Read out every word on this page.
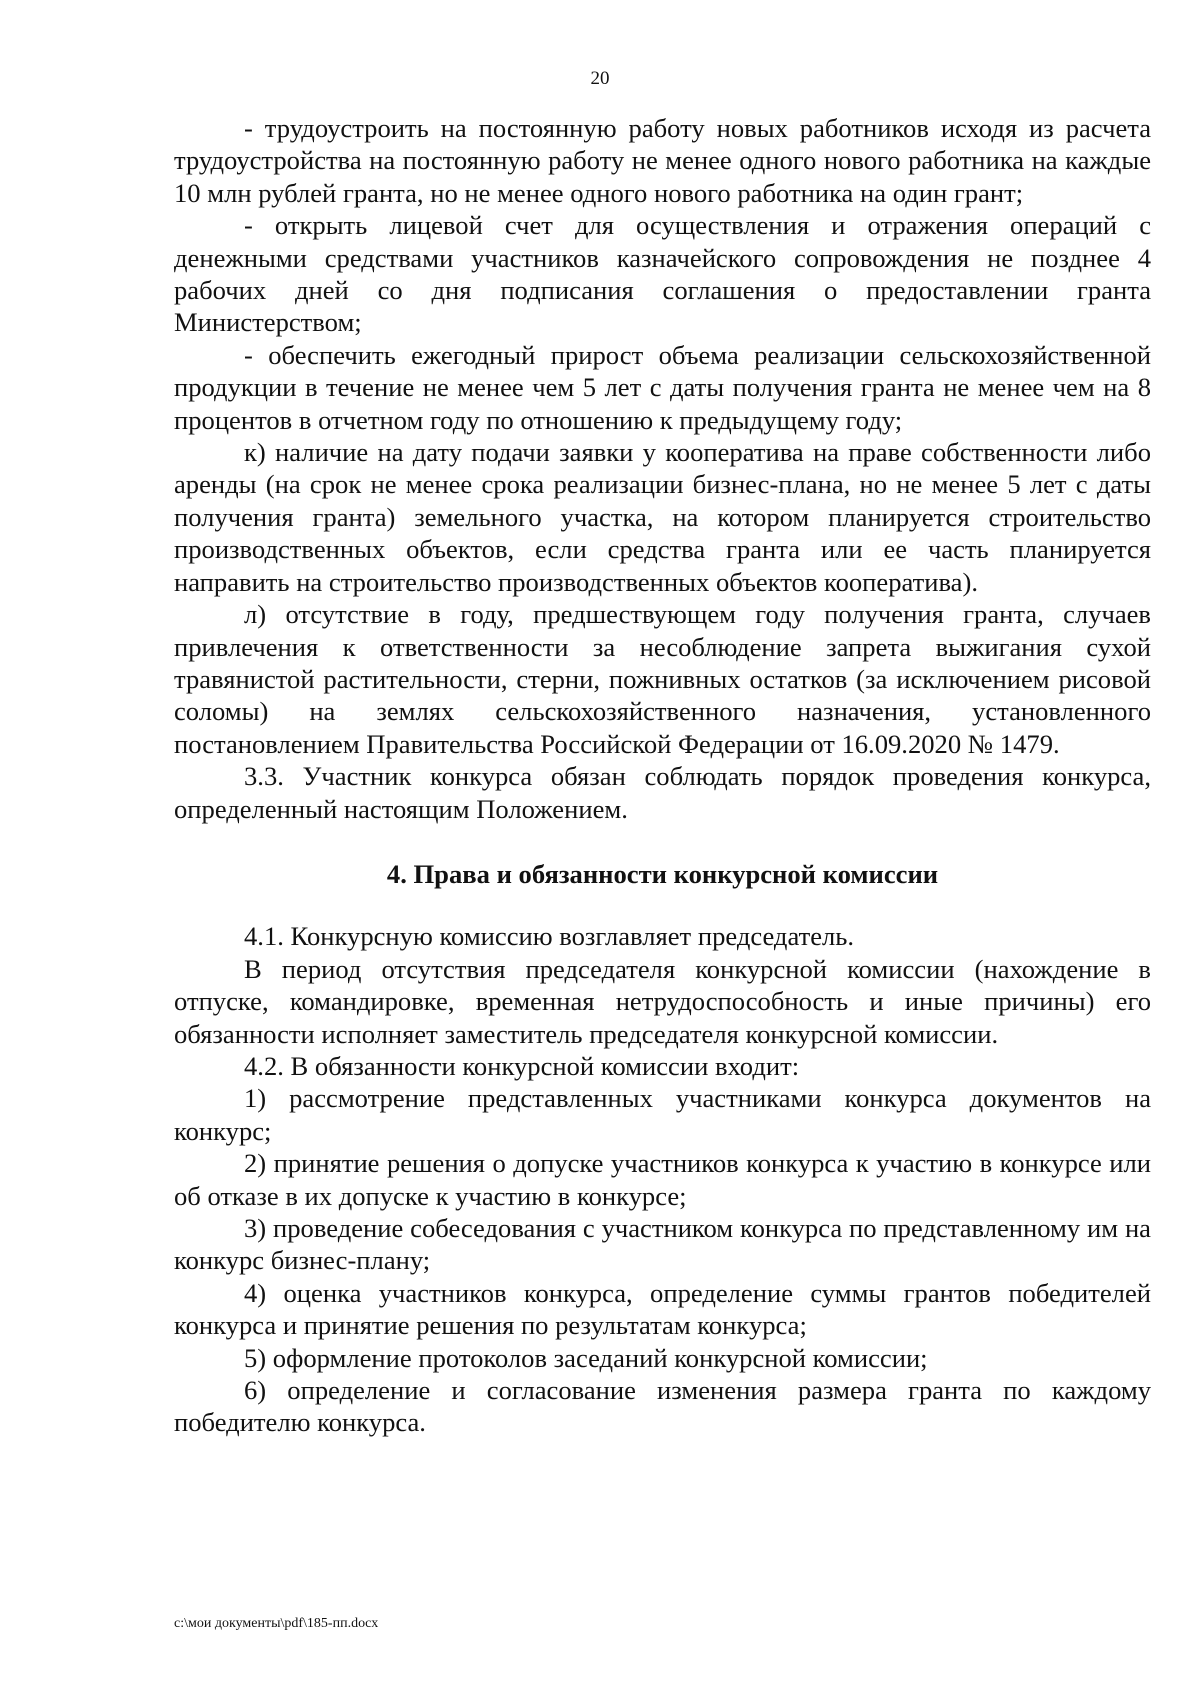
20

- трудоустроить на постоянную работу новых работников исходя из расчета трудоустройства на постоянную работу не менее одного нового работника на каждые 10 млн рублей гранта, но не менее одного нового работника на один грант;

- открыть лицевой счет для осуществления и отражения операций с денежными средствами участников казначейского сопровождения не позднее 4 рабочих дней со дня подписания соглашения о предоставлении гранта Министерством;

- обеспечить ежегодный прирост объема реализации сельскохозяйственной продукции в течение не менее чем 5 лет с даты получения гранта не менее чем на 8 процентов в отчетном году по отношению к предыдущему году;

к) наличие на дату подачи заявки у кооператива на праве собственности либо аренды (на срок не менее срока реализации бизнес-плана, но не менее 5 лет с даты получения гранта) земельного участка, на котором планируется строительство производственных объектов, если средства гранта или ее часть планируется направить на строительство производственных объектов кооператива).

л) отсутствие в году, предшествующем году получения гранта, случаев привлечения к ответственности за несоблюдение запрета выжигания сухой травянистой растительности, стерни, пожнивных остатков (за исключением рисовой соломы) на землях сельскохозяйственного назначения, установленного постановлением Правительства Российской Федерации от 16.09.2020 № 1479.

3.3. Участник конкурса обязан соблюдать порядок проведения конкурса, определенный настоящим Положением.

4. Права и обязанности конкурсной комиссии

4.1. Конкурсную комиссию возглавляет председатель.

В период отсутствия председателя конкурсной комиссии (нахождение в отпуске, командировке, временная нетрудоспособность и иные причины) его обязанности исполняет заместитель председателя конкурсной комиссии.

4.2. В обязанности конкурсной комиссии входит:

1) рассмотрение представленных участниками конкурса документов на конкурс;

2) принятие решения о допуске участников конкурса к участию в конкурсе или об отказе в их допуске к участию в конкурсе;

3) проведение собеседования с участником конкурса по представленному им на конкурс бизнес-плану;

4) оценка участников конкурса, определение суммы грантов победителей конкурса и принятие решения по результатам конкурса;

5) оформление протоколов заседаний конкурсной комиссии;

6) определение и согласование изменения размера гранта по каждому победителю конкурса.

c:\мои документы\pdf\185-пп.docx
